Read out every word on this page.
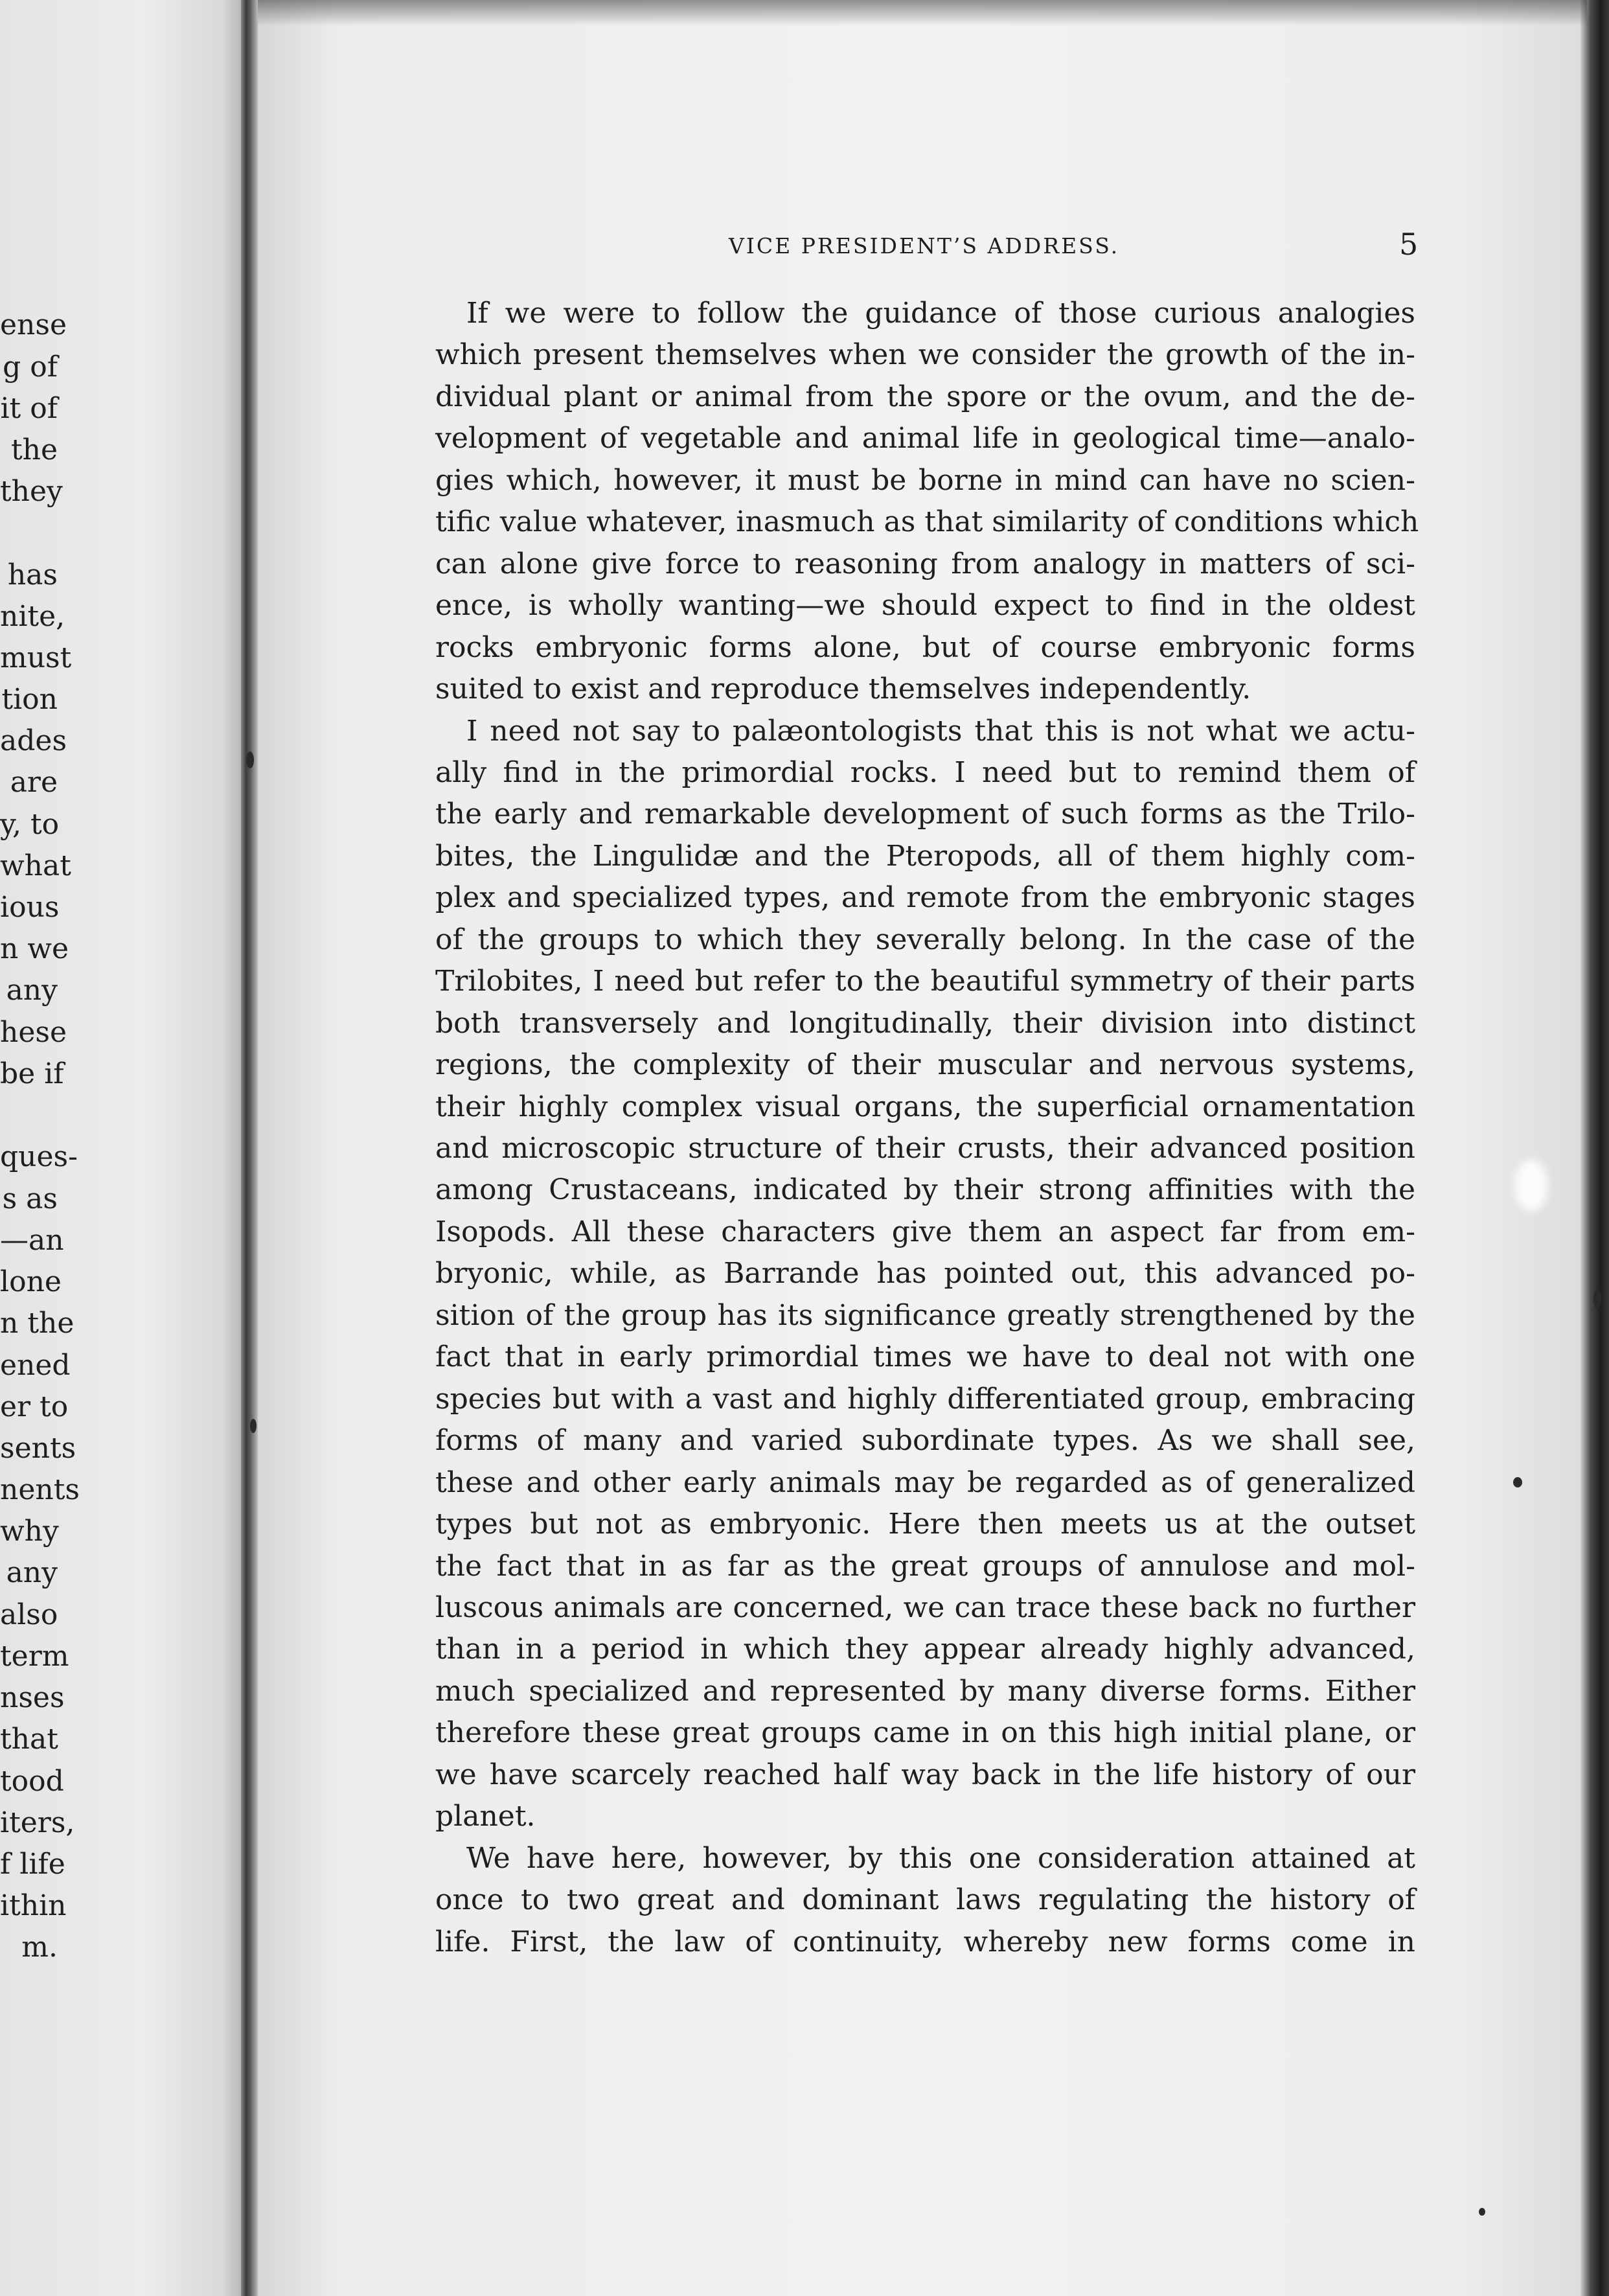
ense
g of
it of
the
they
has
nite,
must
tion
ades
are
y, to
what
ious
n we
any
hese
be if
ques-
s as
—an
lone
n the
ened
er to
sents
nents
why
any
also
term
nses
that
tood
iters,
f life
ithin
m.
VICE PRESIDENT’S ADDRESS.	5
If we were to follow the guidance of those curious analogies
which present themselves when we consider the growth of the in-
dividual plant or animal from the spore or the ovum, and the de-
velopment of vegetable and animal life in geological time—analo-
gies which, however, it must be borne in mind can have no scien-
tific value whatever, inasmuch as that similarity of conditions which
can alone give force to reasoning from analogy in matters of sci-
ence, is wholly wanting—we should expect to find in the oldest
rocks embryonic forms alone, but of course embryonic forms
suited to exist and reproduce themselves independently.
I need not say to palæontologists that this is not what we actu-
ally find in the primordial rocks. I need but to remind them of
the early and remarkable development of such forms as the Trilo-
bites, the Lingulidæ and the Pteropods, all of them highly com-
plex and specialized types, and remote from the embryonic stages
of the groups to which they severally belong. In the case of the
Trilobites, I need but refer to the beautiful symmetry of their parts
both transversely and longitudinally, their division into distinct
regions, the complexity of their muscular and nervous systems,
their highly complex visual organs, the superficial ornamentation
and microscopic structure of their crusts, their advanced position
among Crustaceans, indicated by their strong affinities with the
Isopods. All these characters give them an aspect far from em-
bryonic, while, as Barrande has pointed out, this advanced po-
sition of the group has its significance greatly strengthened by the
fact that in early primordial times we have to deal not with one
species but with a vast and highly differentiated group, embracing
forms of many and varied subordinate types. As we shall see,
these and other early animals may be regarded as of generalized
types but not as embryonic. Here then meets us at the outset
the fact that in as far as the great groups of annulose and mol-
luscous animals are concerned, we can trace these back no further
than in a period in which they appear already highly advanced,
much specialized and represented by many diverse forms. Either
therefore these great groups came in on this high initial plane, or
we have scarcely reached half way back in the life history of our
planet.
We have here, however, by this one consideration attained at
once to two great and dominant laws regulating the history of
life. First, the law of continuity, whereby new forms come in
